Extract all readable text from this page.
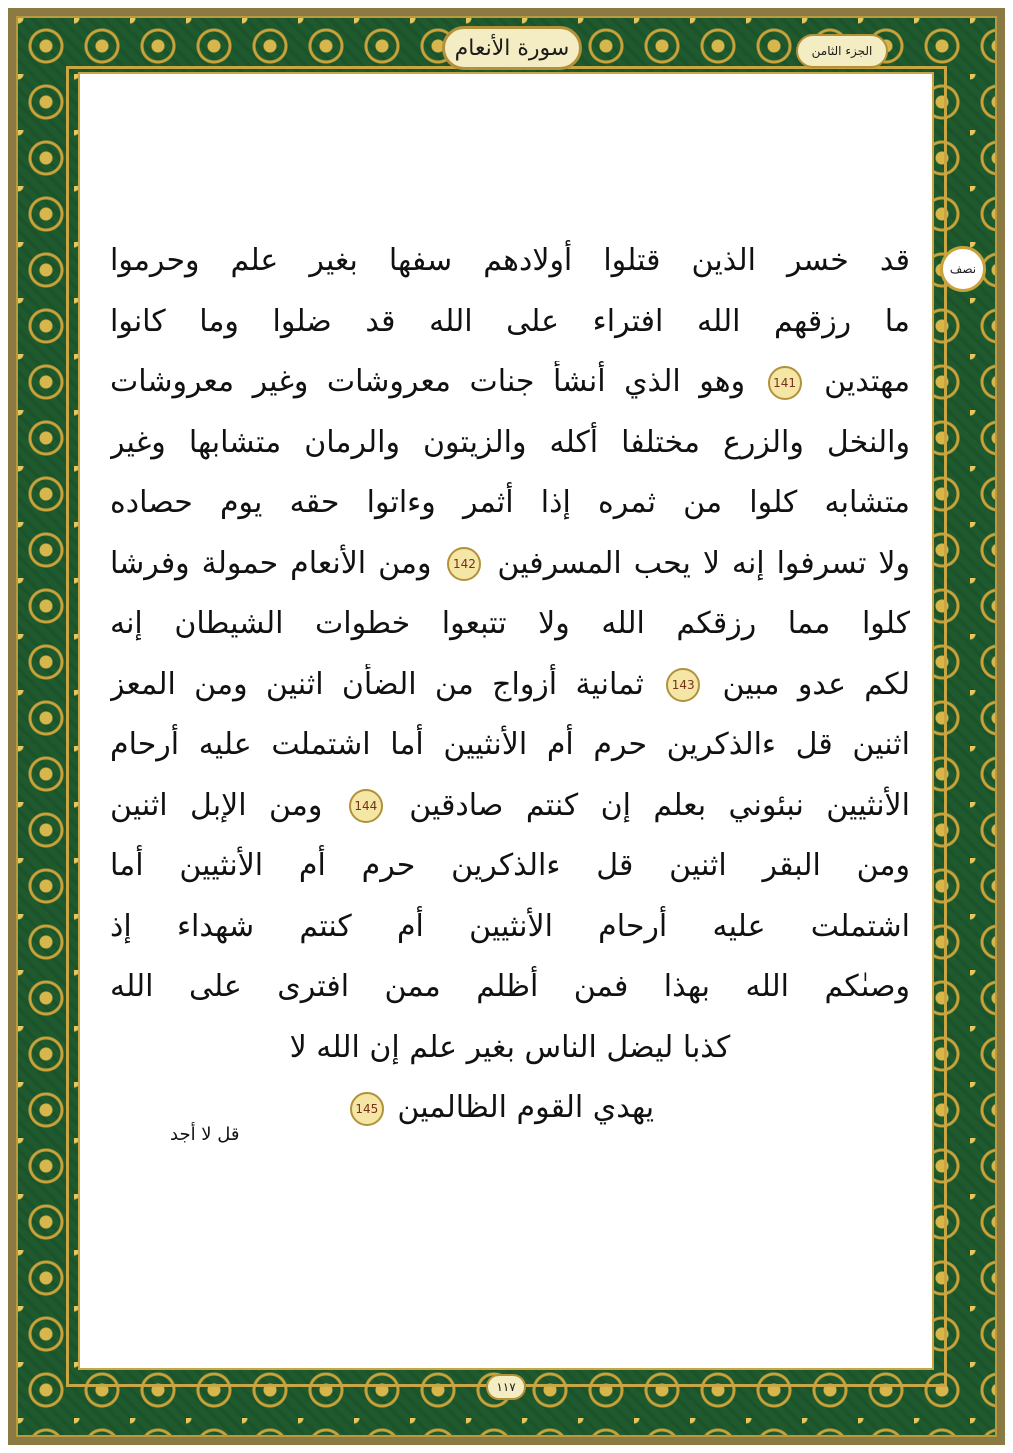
سورة الأنعام	الجزء الثامن
نصف
قد خسر الذين قتلوا أولادهم سفها بغير علم وحرموا
ما رزقهم الله افتراء على الله قد ضلوا وما كانوا
مهتدين 141 وهو الذي أنشأ جنات معروشات وغير معروشات
والنخل والزرع مختلفا أكله والزيتون والرمان متشابها وغير
متشابه كلوا من ثمره إذا أثمر وءاتوا حقه يوم حصاده
ولا تسرفوا إنه لا يحب المسرفين 142 ومن الأنعام حمولة وفرشا
كلوا مما رزقكم الله ولا تتبعوا خطوات الشيطان إنه
لكم عدو مبين 143 ثمانية أزواج من الضأن اثنين ومن المعز
اثنين قل ءالذكرين حرم أم الأنثيين أما اشتملت عليه أرحام
الأنثيين نبئوني بعلم إن كنتم صادقين 144 ومن الإبل اثنين
ومن البقر اثنين قل ءالذكرين حرم أم الأنثيين أما
اشتملت عليه أرحام الأنثيين أم كنتم شهداء إذ
وصىٰكم الله بهذا فمن أظلم ممن افترى على الله
كذبا ليضل الناس بغير علم إن الله لا
يهدي القوم الظالمين 145
قل لا أجد
١١٧
